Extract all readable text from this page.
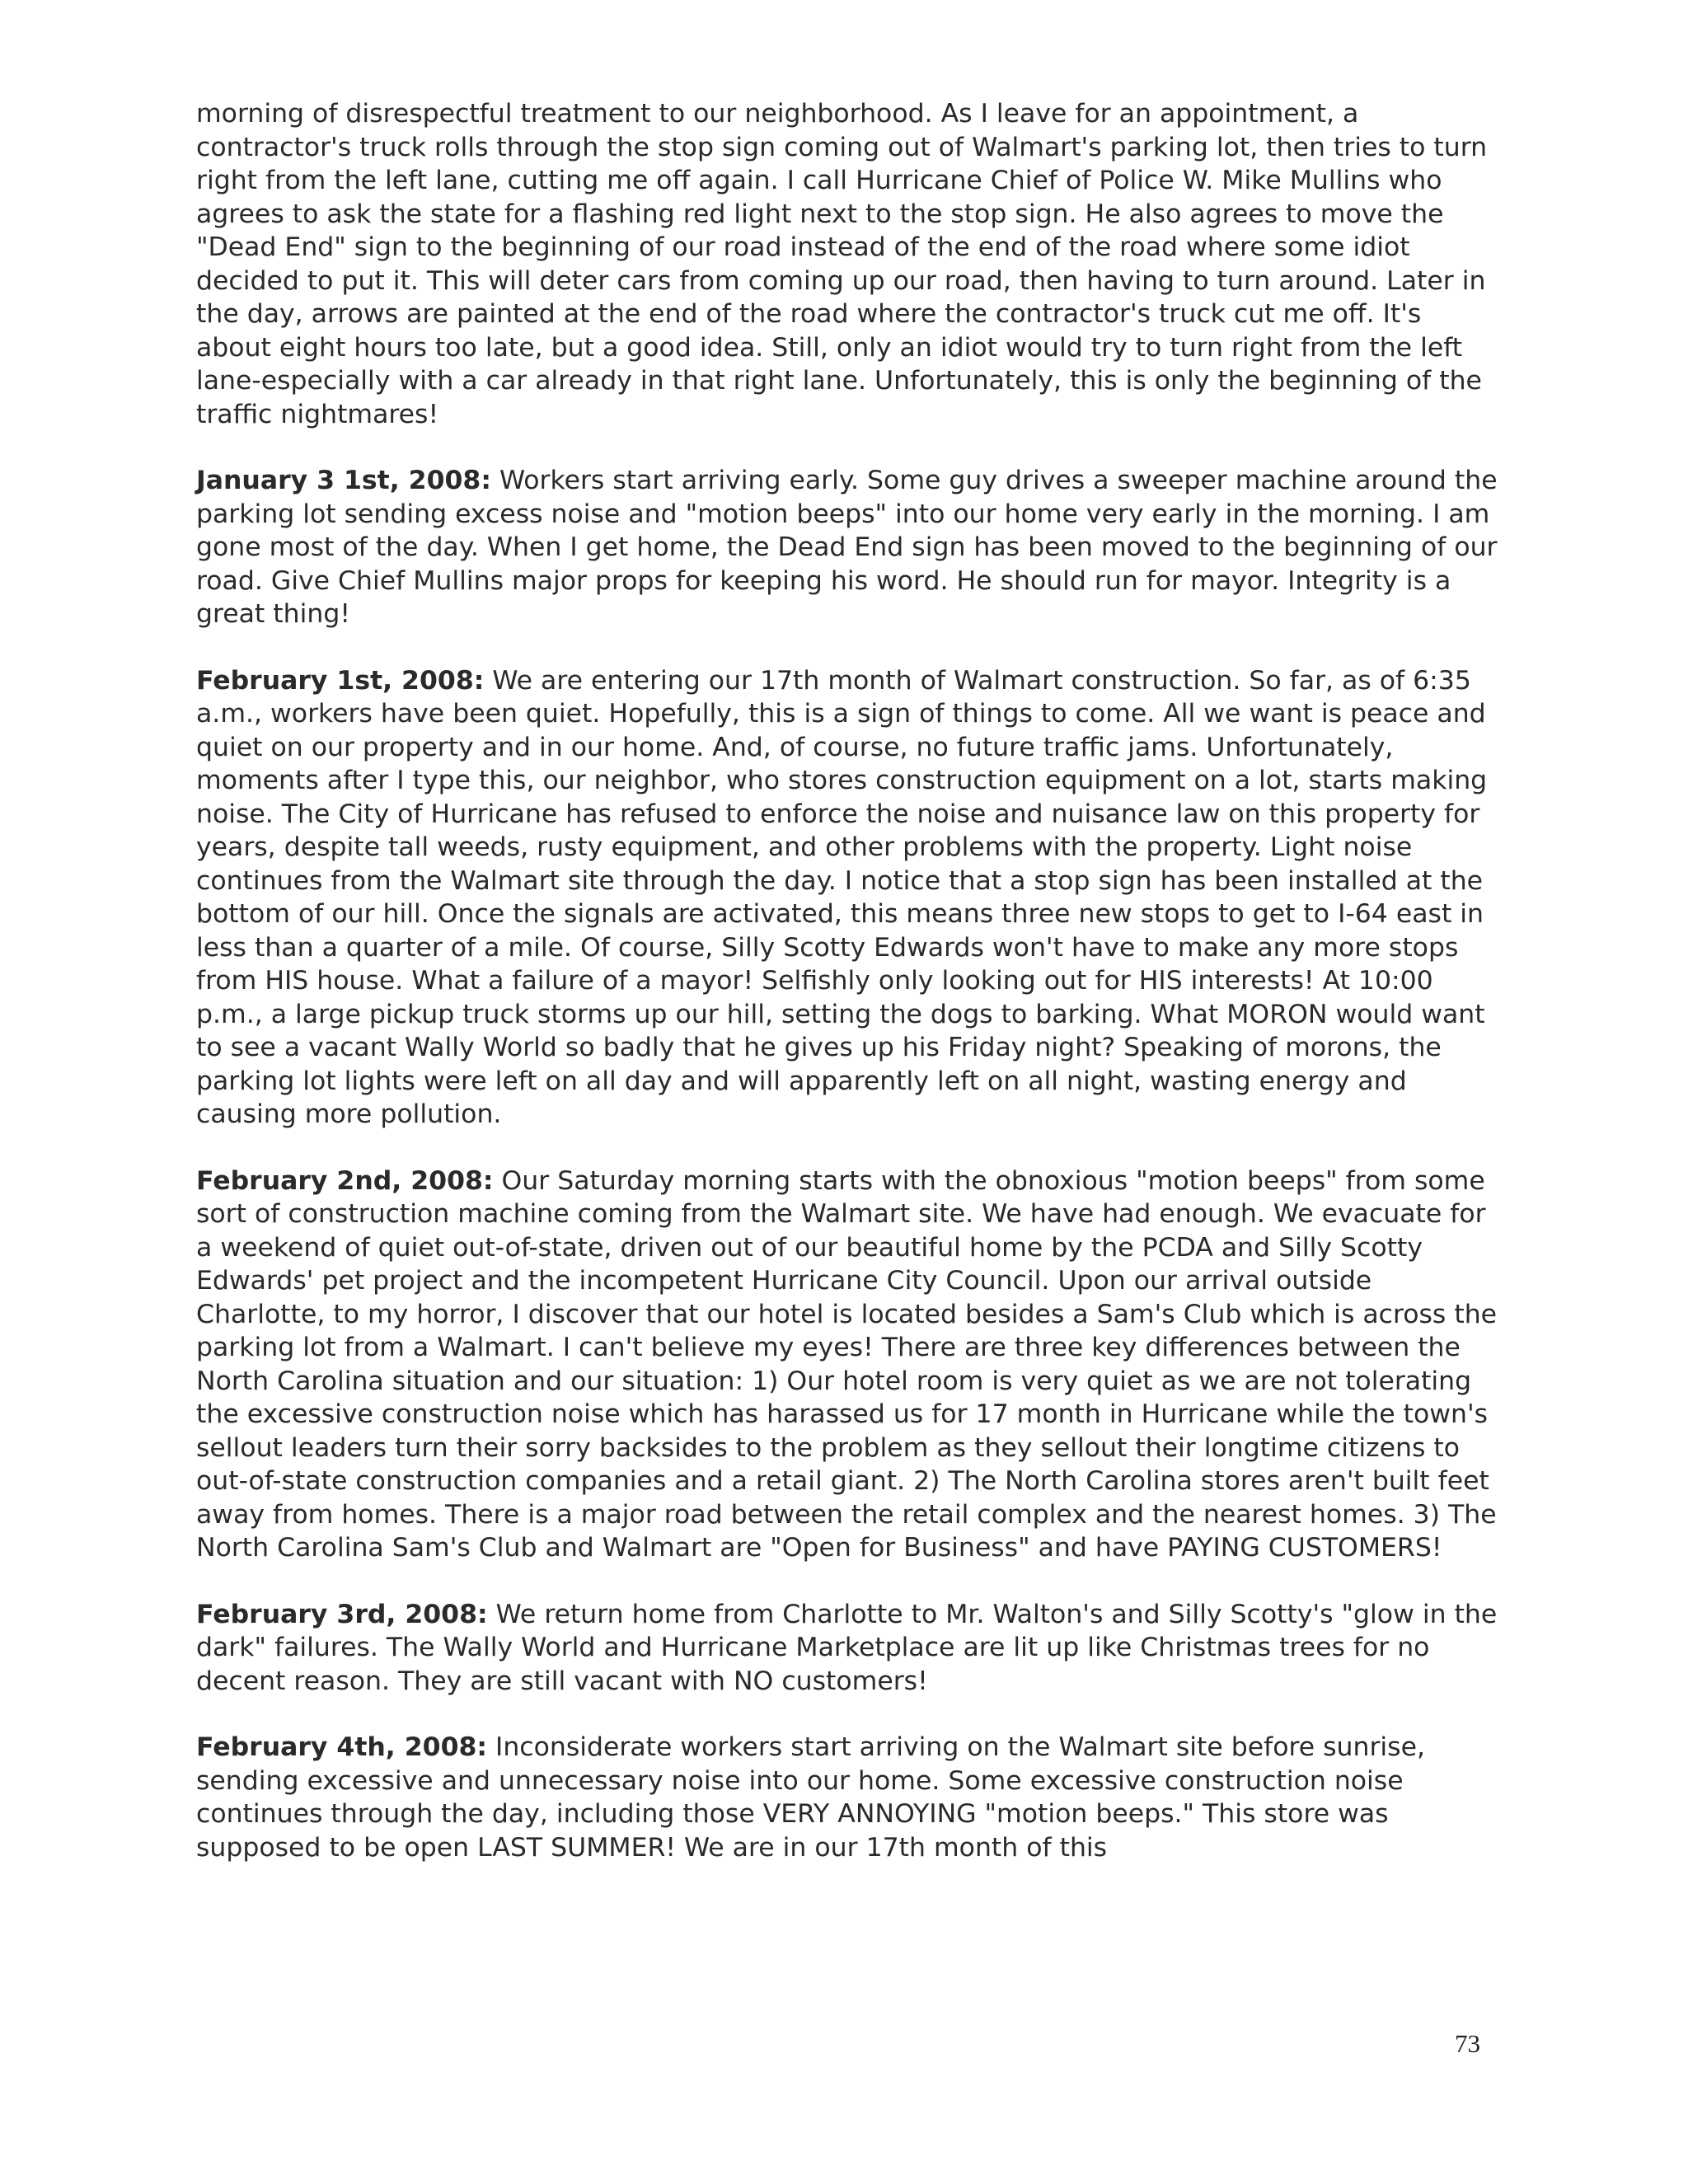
morning of disrespectful treatment to our neighborhood. As I leave for an appointment, a contractor's truck rolls through the stop sign coming out of Walmart's parking lot, then tries to turn right from the left lane, cutting me off again. I call Hurricane Chief of Police W. Mike Mullins who agrees to ask the state for a flashing red light next to the stop sign. He also agrees to move the "Dead End" sign to the beginning of our road instead of the end of the road where some idiot decided to put it. This will deter cars from coming up our road, then having to turn around. Later in the day, arrows are painted at the end of the road where the contractor's truck cut me off. It's about eight hours too late, but a good idea. Still, only an idiot would try to turn right from the left lane-especially with a car already in that right lane. Unfortunately, this is only the beginning of the traffic nightmares!

January 3 1st, 2008: Workers start arriving early. Some guy drives a sweeper machine around the parking lot sending excess noise and "motion beeps" into our home very early in the morning. I am gone most of the day. When I get home, the Dead End sign has been moved to the beginning of our road. Give Chief Mullins major props for keeping his word. He should run for mayor. Integrity is a great thing!

February 1st, 2008: We are entering our 17th month of Walmart construction. So far, as of 6:35 a.m., workers have been quiet. Hopefully, this is a sign of things to come. All we want is peace and quiet on our property and in our home. And, of course, no future traffic jams. Unfortunately, moments after I type this, our neighbor, who stores construction equipment on a lot, starts making noise. The City of Hurricane has refused to enforce the noise and nuisance law on this property for years, despite tall weeds, rusty equipment, and other problems with the property. Light noise continues from the Walmart site through the day. I notice that a stop sign has been installed at the bottom of our hill. Once the signals are activated, this means three new stops to get to I-64 east in less than a quarter of a mile. Of course, Silly Scotty Edwards won't have to make any more stops from HIS house. What a failure of a mayor! Selfishly only looking out for HIS interests! At 10:00 p.m., a large pickup truck storms up our hill, setting the dogs to barking. What MORON would want to see a vacant Wally World so badly that he gives up his Friday night? Speaking of morons, the parking lot lights were left on all day and will apparently left on all night, wasting energy and causing more pollution.

February 2nd, 2008: Our Saturday morning starts with the obnoxious "motion beeps" from some sort of construction machine coming from the Walmart site. We have had enough. We evacuate for a weekend of quiet out-of-state, driven out of our beautiful home by the PCDA and Silly Scotty Edwards' pet project and the incompetent Hurricane City Council. Upon our arrival outside Charlotte, to my horror, I discover that our hotel is located besides a Sam's Club which is across the parking lot from a Walmart. I can't believe my eyes! There are three key differences between the North Carolina situation and our situation: 1) Our hotel room is very quiet as we are not tolerating the excessive construction noise which has harassed us for 17 month in Hurricane while the town's sellout leaders turn their sorry backsides to the problem as they sellout their longtime citizens to out-of-state construction companies and a retail giant. 2) The North Carolina stores aren't built feet away from homes. There is a major road between the retail complex and the nearest homes. 3) The North Carolina Sam's Club and Walmart are "Open for Business" and have PAYING CUSTOMERS!

February 3rd, 2008: We return home from Charlotte to Mr. Walton's and Silly Scotty's "glow in the dark" failures. The Wally World and Hurricane Marketplace are lit up like Christmas trees for no decent reason. They are still vacant with NO customers!

February 4th, 2008: Inconsiderate workers start arriving on the Walmart site before sunrise, sending excessive and unnecessary noise into our home. Some excessive construction noise continues through the day, including those VERY ANNOYING "motion beeps." This store was supposed to be open LAST SUMMER! We are in our 17th month of this

73
